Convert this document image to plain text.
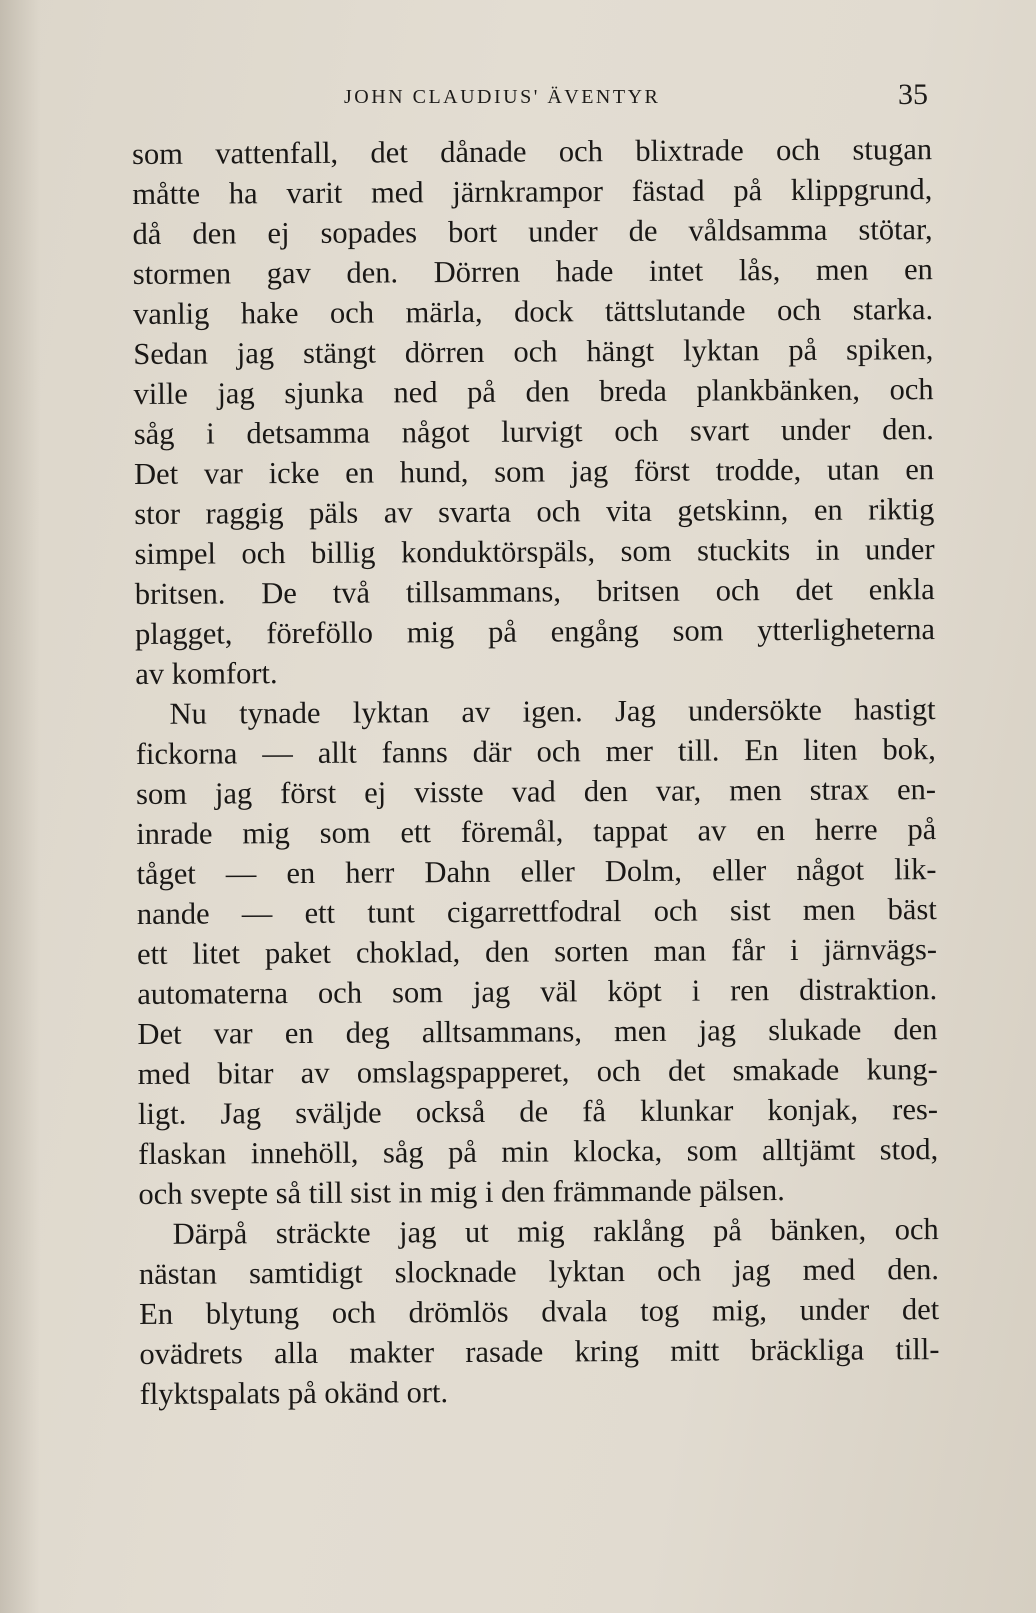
JOHN CLAUDIUS' ÄVENTYR	35
som vattenfall, det dånade och blixtrade och stugan
måtte ha varit med järnkrampor fästad på klippgrund,
då den ej sopades bort under de våldsamma stötar,
stormen gav den. Dörren hade intet lås, men en
vanlig hake och märla, dock tättslutande och starka.
Sedan jag stängt dörren och hängt lyktan på spiken,
ville jag sjunka ned på den breda plankbänken, och
såg i detsamma något lurvigt och svart under den.
Det var icke en hund, som jag först trodde, utan en
stor raggig päls av svarta och vita getskinn, en riktig
simpel och billig konduktörspäls, som stuckits in under
britsen. De två tillsammans, britsen och det enkla
plagget, föreföllo mig på engång som ytterligheterna
av komfort.
Nu tynade lyktan av igen. Jag undersökte hastigt
fickorna — allt fanns där och mer till. En liten bok,
som jag först ej visste vad den var, men strax en-
inrade mig som ett föremål, tappat av en herre på
tåget — en herr Dahn eller Dolm, eller något lik-
nande — ett tunt cigarrettfodral och sist men bäst
ett litet paket choklad, den sorten man får i järnvägs-
automaterna och som jag väl köpt i ren distraktion.
Det var en deg alltsammans, men jag slukade den
med bitar av omslagspapperet, och det smakade kung-
ligt. Jag sväljde också de få klunkar konjak, res-
flaskan innehöll, såg på min klocka, som alltjämt stod,
och svepte så till sist in mig i den främmande pälsen.
Därpå sträckte jag ut mig raklång på bänken, och
nästan samtidigt slocknade lyktan och jag med den.
En blytung och drömlös dvala tog mig, under det
ovädrets alla makter rasade kring mitt bräckliga till-
flyktspalats på okänd ort.
